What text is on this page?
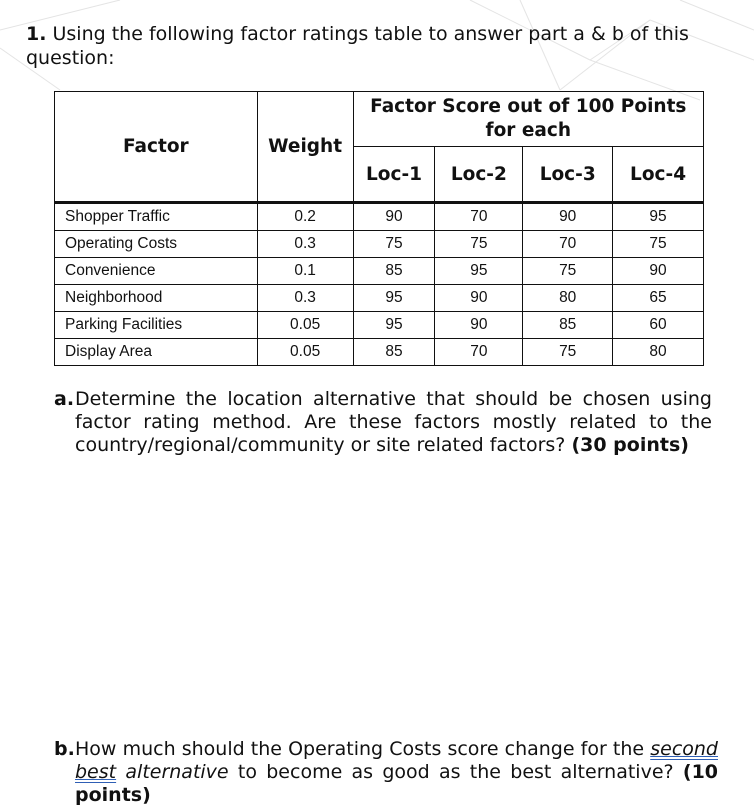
1. Using the following factor ratings table to answer part a & b of this question:
Factor	Weight	Factor Score out of 100 Points for each			
		Loc-1	Loc-2	Loc-3	Loc-4
Shopper Traffic	0.2	90	70	90	95
Operating Costs	0.3	75	75	70	75
Convenience	0.1	85	95	75	90
Neighborhood	0.3	95	90	80	65
Parking Facilities	0.05	95	90	85	60
Display Area	0.05	85	70	75	80
a. Determine the location alternative that should be chosen using factor rating method. Are these factors mostly related to the country/regional/community or site related factors? (30 points)
b. How much should the Operating Costs score change for the second best alternative to become as good as the best alternative? (10 points)
